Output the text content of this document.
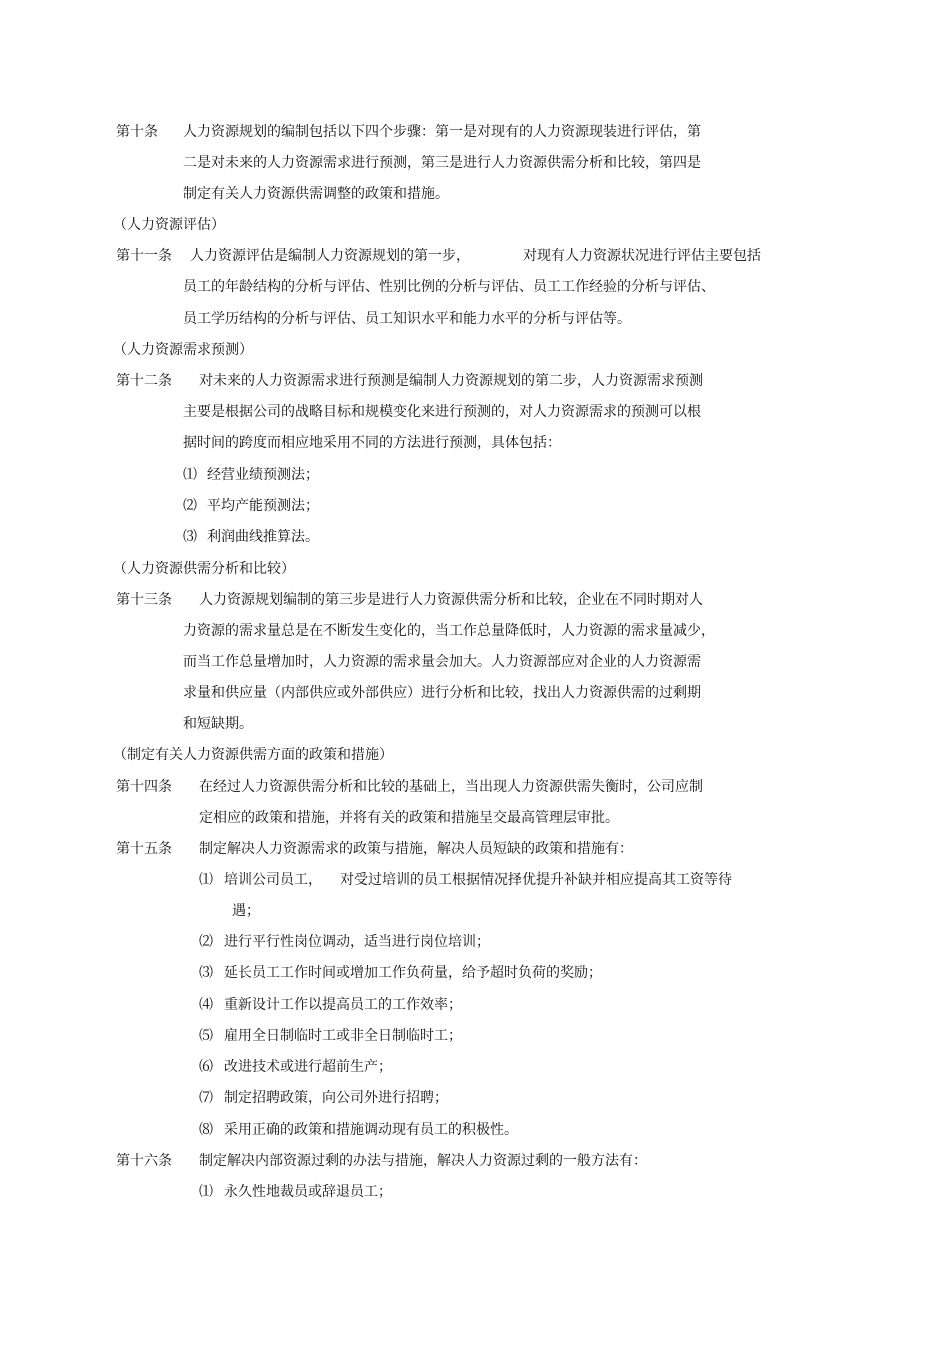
第十条 人力资源规划的编制包括以下四个步骤：第一是对现有的人力资源现装进行评估，第
二是对未来的人力资源需求进行预测，第三是进行人力资源供需分析和比较，第四是
制定有关人力资源供需调整的政策和措施。
（人力资源评估）
第十一条 人力资源评估是编制人力资源规划的第一步，	对现有人力资源状况进行评估主要包括
员工的年龄结构的分析与评估、性别比例的分析与评估、员工工作经验的分析与评估、
员工学历结构的分析与评估、员工知识水平和能力水平的分析与评估等。
（人力资源需求预测）
第十二条 对未来的人力资源需求进行预测是编制人力资源规划的第二步，人力资源需求预测
主要是根据公司的战略目标和规模变化来进行预测的，对人力资源需求的预测可以根
据时间的跨度而相应地采用不同的方法进行预测，具体包括：
⑴ 经营业绩预测法；
⑵ 平均产能预测法；
⑶ 利润曲线推算法。
（人力资源供需分析和比较）
第十三条 人力资源规划编制的第三步是进行人力资源供需分析和比较，企业在不同时期对人
力资源的需求量总是在不断发生变化的，当工作总量降低时，人力资源的需求量减少，
而当工作总量增加时，人力资源的需求量会加大。人力资源部应对企业的人力资源需
求量和供应量（内部供应或外部供应）进行分析和比较，找出人力资源供需的过剩期
和短缺期。
（制定有关人力资源供需方面的政策和措施）
第十四条 在经过人力资源供需分析和比较的基础上，当出现人力资源供需失衡时，公司应制
定相应的政策和措施，并将有关的政策和措施呈交最高管理层审批。
第十五条 制定解决人力资源需求的政策与措施，解决人员短缺的政策和措施有：
⑴ 培训公司员工， 对受过培训的员工根据情况择优提升补缺并相应提高其工资等待
遇；
⑵ 进行平行性岗位调动，适当进行岗位培训；
⑶ 延长员工工作时间或增加工作负荷量，给予超时负荷的奖励；
⑷ 重新设计工作以提高员工的工作效率；
⑸ 雇用全日制临时工或非全日制临时工；
⑹ 改进技术或进行超前生产；
⑺ 制定招聘政策，向公司外进行招聘；
⑻ 采用正确的政策和措施调动现有员工的积极性。
第十六条 制定解决内部资源过剩的办法与措施，解决人力资源过剩的一般方法有：
⑴ 永久性地裁员或辞退员工；
